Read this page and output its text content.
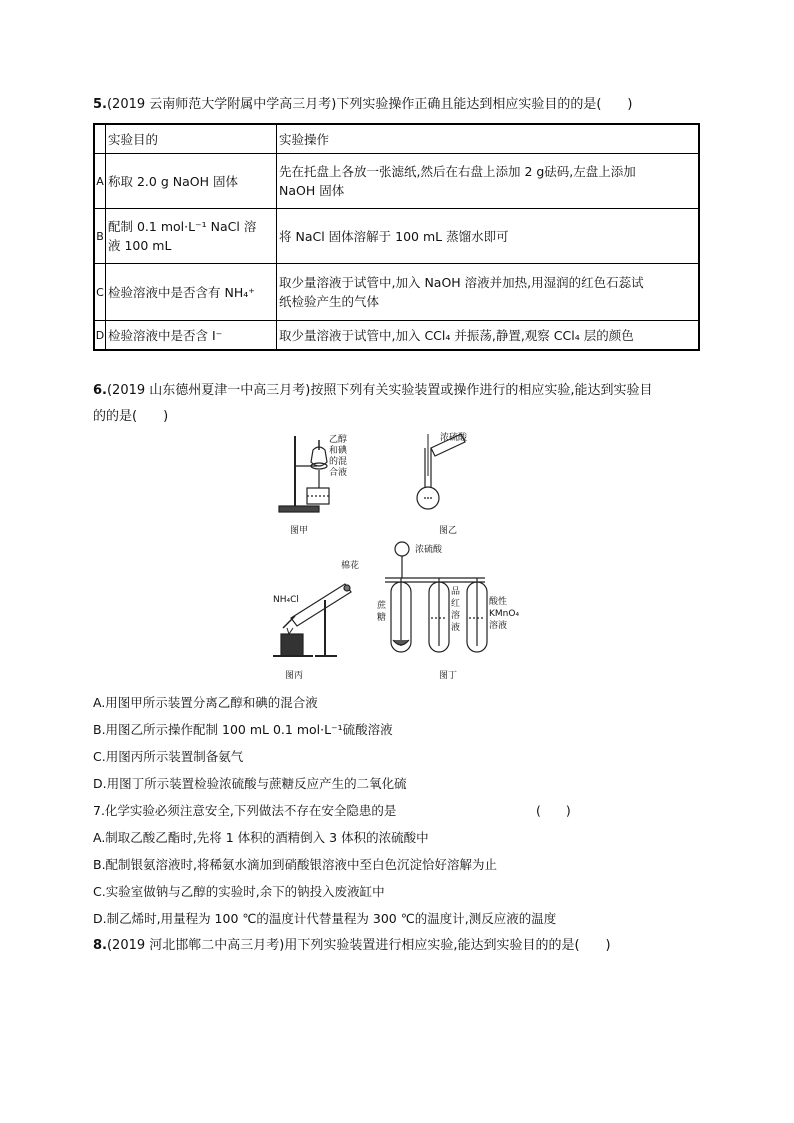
5.(2019 云南师范大学附属中学高三月考)下列实验操作正确且能达到相应实验目的的是(　　)
	实验目的	实验操作
A	称取 2.0 g NaOH 固体	先在托盘上各放一张滤纸,然后在右盘上添加 2 g砝码,左盘上添加
NaOH 固体

B	配制 0.1 mol·L⁻¹ NaCl 溶
液 100 mL	将 NaCl 固体溶解于 100 mL 蒸馏水即可
C	检验溶液中是否含有 NH₄⁺	取少量溶液于试管中,加入 NaOH 溶液并加热,用湿润的红色石蕊试
纸检验产生的气体

D	检验溶液中是否含 I⁻	取少量溶液于试管中,加入 CCl₄ 并振荡,静置,观察 CCl₄ 层的颜色
6.(2019 山东德州夏津一中高三月考)按照下列有关实验装置或操作进行的相应实验,能达到实验目
的的是(　　)
乙醇
和碘
的混
合液
图甲
浓硫酸
图乙
NH₄Cl
棉花
图丙
浓硫酸
蔗
糖
品
红
溶
液
酸性
KMnO₄
溶液
图丁
A.用图甲所示装置分离乙醇和碘的混合液
B.用图乙所示操作配制 100 mL 0.1 mol·L⁻¹硫酸溶液
C.用图丙所示装置制备氨气
D.用图丁所示装置检验浓硫酸与蔗糖反应产生的二氧化硫
7.化学实验必须注意安全,下列做法不存在安全隐患的是	(　　)
A.制取乙酸乙酯时,先将 1 体积的酒精倒入 3 体积的浓硫酸中
B.配制银氨溶液时,将稀氨水滴加到硝酸银溶液中至白色沉淀恰好溶解为止
C.实验室做钠与乙醇的实验时,余下的钠投入废液缸中
D.制乙烯时,用量程为 100 ℃的温度计代替量程为 300 ℃的温度计,测反应液的温度
8.(2019 河北邯郸二中高三月考)用下列实验装置进行相应实验,能达到实验目的的是(　　)
